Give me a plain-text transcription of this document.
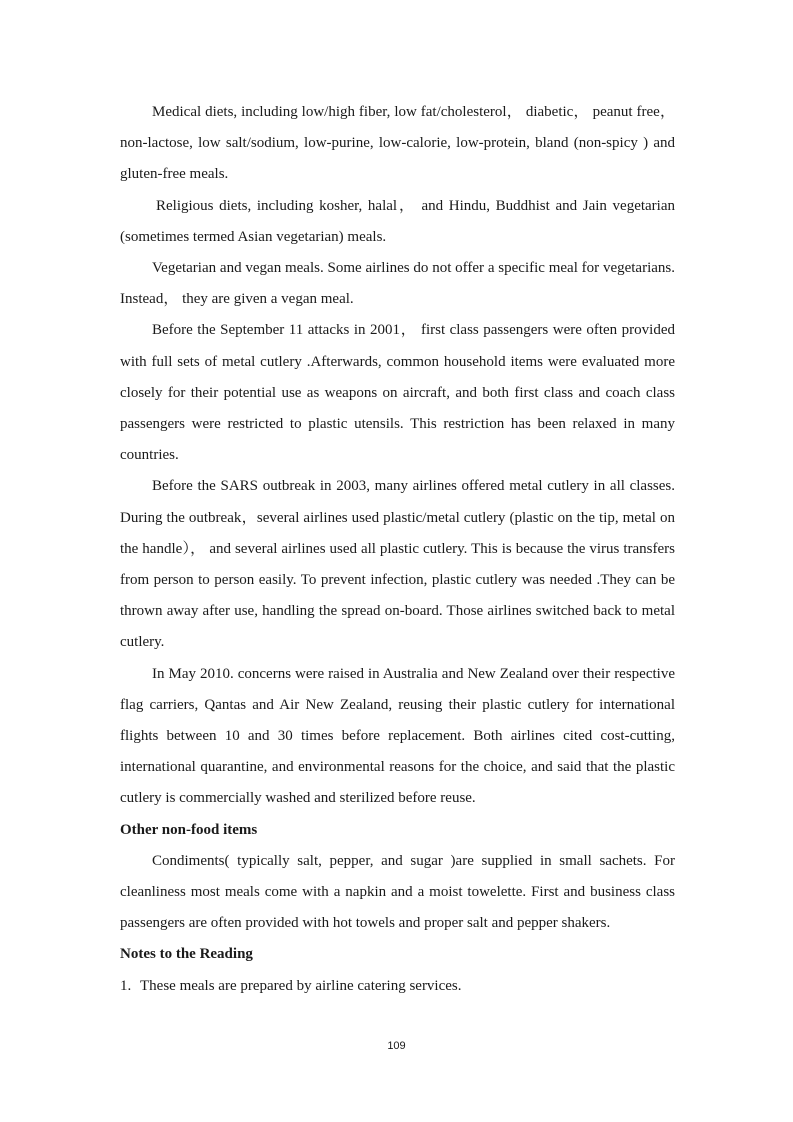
Medical diets, including low/high fiber, low fat/cholesterol， diabetic， peanut free， non-lactose, low salt/sodium, low-purine, low-calorie, low-protein, bland (non-spicy ) and gluten-free meals.

Religious diets, including kosher, halal， and Hindu, Buddhist and Jain vegetarian (sometimes termed Asian vegetarian) meals.

Vegetarian and vegan meals. Some airlines do not offer a specific meal for vegetarians. Instead， they are given a vegan meal.

Before the September 11 attacks in 2001， first class passengers were often provided with full sets of metal cutlery .Afterwards, common household items were evaluated more closely for their potential use as weapons on aircraft, and both first class and coach class passengers were restricted to plastic utensils. This restriction has been relaxed in many countries.

Before the SARS outbreak in 2003, many airlines offered metal cutlery in all classes. During the outbreak，several airlines used plastic/metal cutlery (plastic on the tip, metal on the handle）， and several airlines used all plastic cutlery. This is because the virus transfers from person to person easily. To prevent infection, plastic cutlery was needed .They can be thrown away after use, handling the spread on-board. Those airlines switched back to metal cutlery.

In May 2010. concerns were raised in Australia and New Zealand over their respective flag carriers, Qantas and Air New Zealand, reusing their plastic cutlery for international flights between 10 and 30 times before replacement. Both airlines cited cost-cutting, international quarantine, and environmental reasons for the choice, and said that the plastic cutlery is commercially washed and sterilized before reuse.

Other non-food items

Condiments( typically salt, pepper, and sugar )are supplied in small sachets. For cleanliness most meals come with a napkin and a moist towelette. First and business class passengers are often provided with hot towels and proper salt and pepper shakers.

Notes to the Reading

1. These meals are prepared by airline catering services.

109
